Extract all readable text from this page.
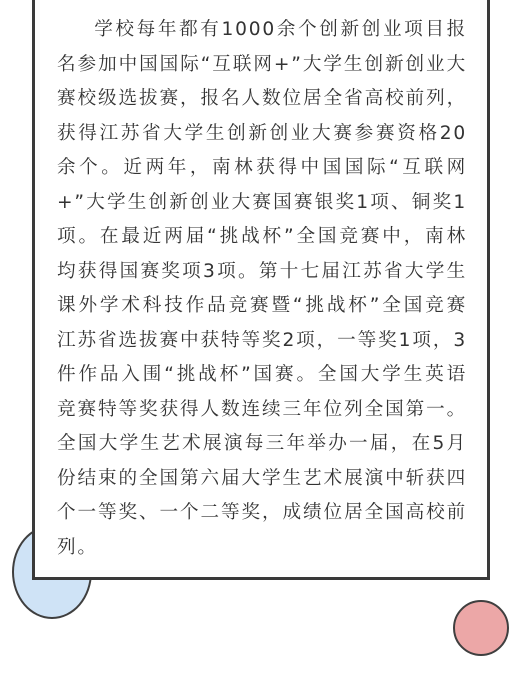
学校每年都有1000余个创新创业项目报名参加中国国际“互联网+”大学生创新创业大赛校级选拔赛，报名人数位居全省高校前列，获得江苏省大学生创新创业大赛参赛资格20余个。近两年，南林获得中国国际“互联网+”大学生创新创业大赛国赛银奖1项、铜奖1项。在最近两届“挑战杯”全国竞赛中，南林均获得国赛奖项3项。第十七届江苏省大学生课外学术科技作品竞赛暨“挑战杯”全国竞赛江苏省选拔赛中获特等奖2项，一等奖1项，3件作品入围“挑战杯”国赛。全国大学生英语竞赛特等奖获得人数连续三年位列全国第一。全国大学生艺术展演每三年举办一届，在5月份结束的全国第六届大学生艺术展演中斩获四个一等奖、一个二等奖，成绩位居全国高校前列。
